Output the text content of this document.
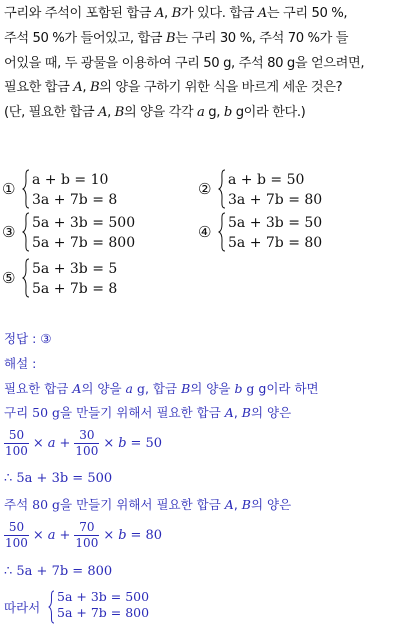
구리와 주석이 포함된 합금 A, B가 있다. 합금 A는 구리 50 %,

주석 50 %가 들어있고, 합금 B는 구리 30 %, 주석 70 %가 들

어있을 때, 두 광물을 이용하여 구리 50 g, 주석 80 g을 얻으려면,

필요한 합금 A, B의 양을 구하기 위한 식을 바르게 세운 것은?

(단, 필요한 합금 A, B의 양을 각각 a g, b g이라 한다.)

① a + b = 10
3a + 7b = 8
② a + b = 50
3a + 7b = 80
③ 5a + 3b = 500
5a + 7b = 800
④ 5a + 3b = 50
5a + 7b = 80
⑤ 5a + 3b = 5
5a + 7b = 8
정답 : ③
해설 :
필요한 합금 A의 양을 a g, 합금 B의 양을 b g g이라 하면
구리 50 g을 만들기 위해서 필요한 합금 A, B의 양은
$\frac{50}{100} \times a + \frac{30}{100} \times b = 50$
∴ 5a + 3b = 500
주석 80 g을 만들기 위해서 필요한 합금 A, B의 양은
$\frac{50}{100} \times a + \frac{70}{100} \times b = 80$
∴ 5a + 7b = 800
따라서
5a + 3b = 500
5a + 7b = 800
